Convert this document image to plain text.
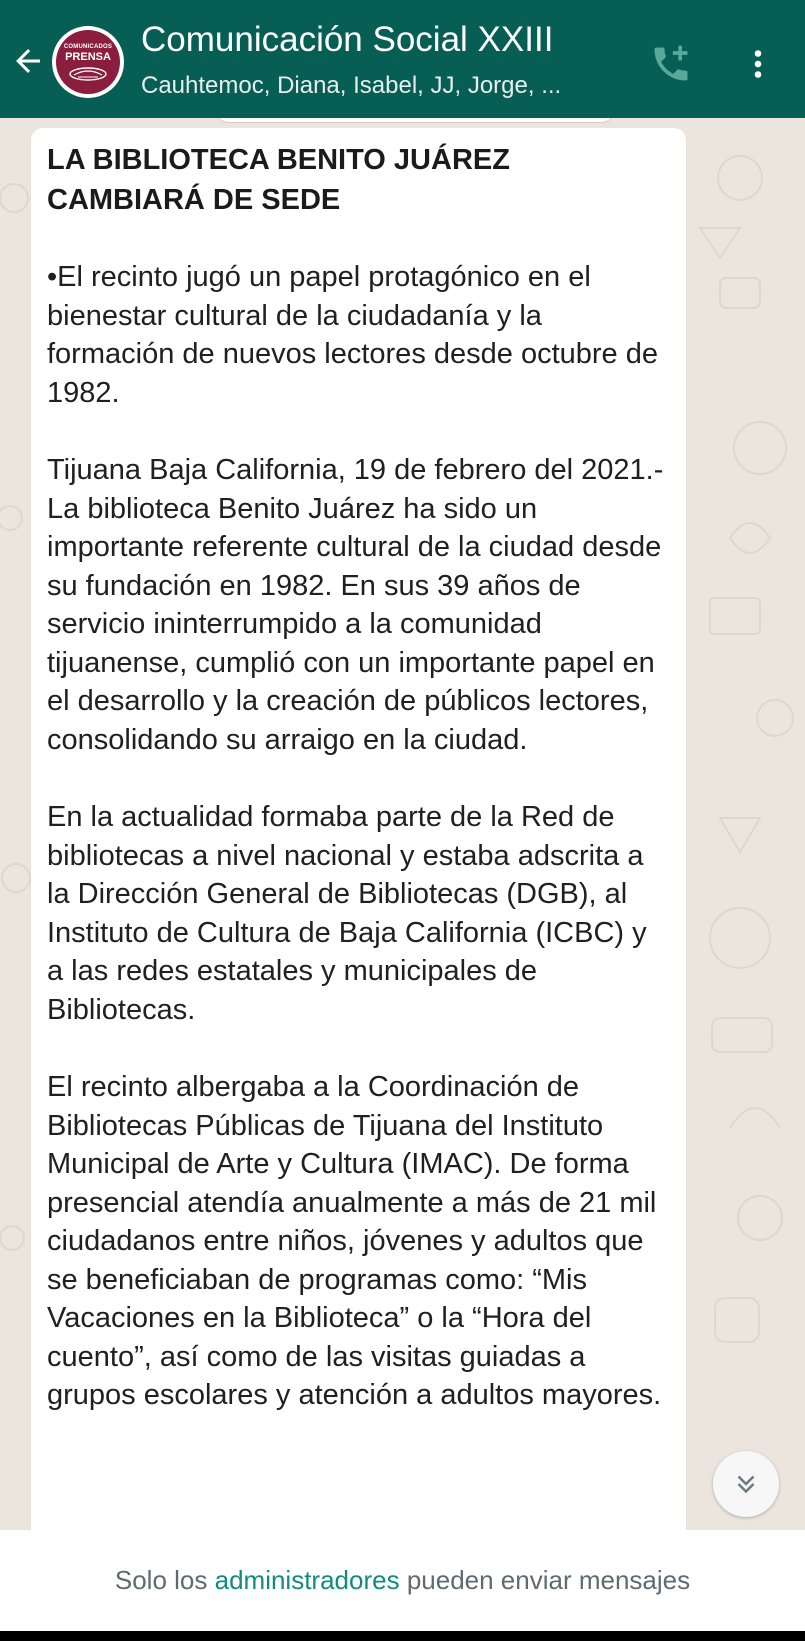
COMUNICADOS
PRENSA Comunicación Social XXIII
Cauhtemoc, Diana, Isabel, JJ, Jorge, ...
LA BIBLIOTECA BENITO JUÁREZ CAMBIARÁ DE SEDE

•El recinto jugó un papel protagónico en el bienestar cultural de la ciudadanía y la formación de nuevos lectores desde octubre de 1982.

Tijuana Baja California, 19 de febrero del 2021.- La biblioteca Benito Juárez ha sido un importante referente cultural de la ciudad desde su fundación en 1982. En sus 39 años de servicio ininterrumpido a la comunidad tijuanense, cumplió con un importante papel en el desarrollo y la creación de públicos lectores, consolidando su arraigo en la ciudad.

En la actualidad formaba parte de la Red de bibliotecas a nivel nacional y estaba adscrita a la Dirección General de Bibliotecas (DGB), al Instituto de Cultura de Baja California (ICBC) y a las redes estatales y municipales de Bibliotecas.

El recinto albergaba a la Coordinación de Bibliotecas Públicas de Tijuana del Instituto Municipal de Arte y Cultura (IMAC). De forma presencial atendía anualmente a más de 21 mil ciudadanos entre niños, jóvenes y adultos que se beneficiaban de programas como: “Mis Vacaciones en la Biblioteca” o la “Hora del cuento”, así como de las visitas guiadas a grupos escolares y atención a adultos mayores.

Solo los administradores pueden enviar mensajes
